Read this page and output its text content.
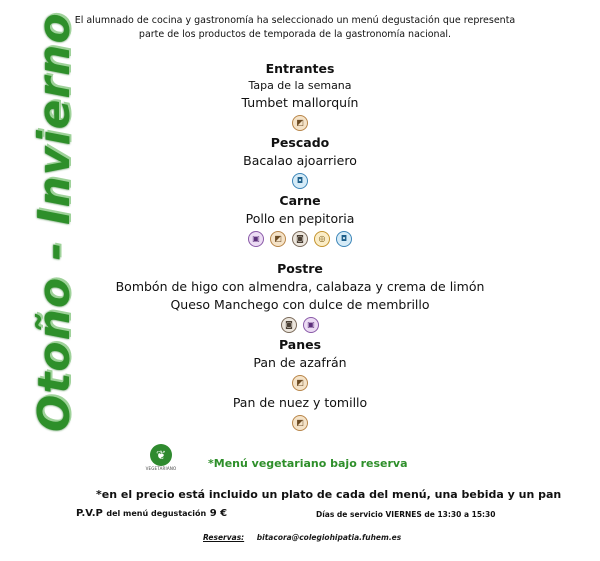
El alumnado de cocina y gastronomía ha seleccionado un menú degustación que representa
parte de los productos de temporada de la gastronomía nacional.
Otoño - Invierno	Entrantes
Tapa de la semana
Tumbet mallorquín
◩
Pescado
Bacalao ajoarriero
◘
Carne
Pollo en pepitoria
▣	◩	◙	◎	◘
Postre
Bombón de higo con almendra, calabaza y crema de limón
Queso Manchego con dulce de membrillo
◙	▣
Panes
Pan de azafrán
◩
Pan de nuez y tomillo
◩
❦
VEGETARIANO	*Menú vegetariano bajo reserva
*en el precio está incluido un plato de cada del menú, una bebida y un pan
P.V.P del menú degustación 9 €	Días de servicio VIERNES de 13:30 a 15:30
Reservas: bitacora@colegiohipatia.fuhem.es
